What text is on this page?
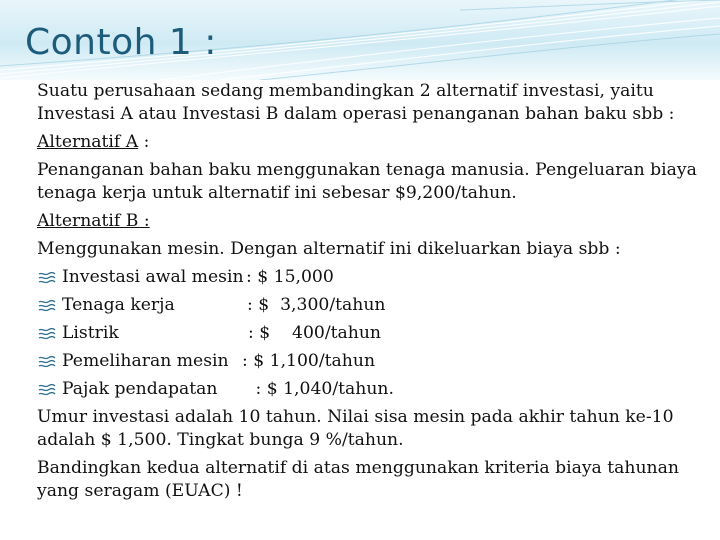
Contoh 1 :

Suatu perusahaan sedang membandingkan 2 alternatif investasi, yaitu Investasi A atau Investasi B dalam operasi penanganan bahan baku sbb :

Alternatif A :

Penanganan bahan baku menggunakan tenaga manusia. Pengeluaran biaya tenaga kerja untuk alternatif ini sebesar $9,200/tahun.

Alternatif B :

Menggunakan mesin. Dengan alternatif ini dikeluarkan biaya sbb :

Investasi awal mesin : $ 15,000
Tenaga kerja	: $  3,300/tahun
Listrik	: $    400/tahun
Pemeliharan mesin : $ 1,100/tahun
Pajak pendapatan	: $ 1,040/tahun.

Umur investasi adalah 10 tahun. Nilai sisa mesin pada akhir tahun ke-10 adalah $ 1,500. Tingkat bunga 9 %/tahun.

Bandingkan kedua alternatif di atas menggunakan kriteria biaya tahunan yang seragam (EUAC) !
